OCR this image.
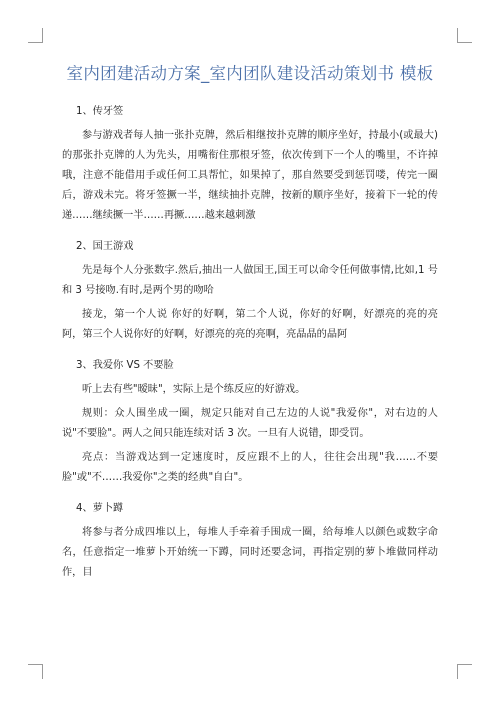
室内团建活动方案_室内团队建设活动策划书 模板
1、传牙签

参与游戏者每人抽一张扑克牌，然后相继按扑克牌的顺序坐好，持最小(或最大)的那张扑克牌的人为先头，用嘴衔住那根牙签，依次传到下一个人的嘴里，不许掉哦，注意不能借用手或任何工具帮忙，如果掉了，那自然要受到惩罚喽，传完一圈后，游戏未完。将牙签撅一半，继续抽扑克牌，按新的顺序坐好，接着下一轮的传递……继续撅一半……再撅……越来越刺激

2、国王游戏

先是每个人分张数字.然后,抽出一人做国王,国王可以命令任何做事情,比如,1 号和 3 号接吻.有时,是两个男的吻哈

接龙，第一个人说 你好的好啊，第二个人说，你好的好啊，好漂亮的亮的亮阿，第三个人说你好的好啊，好漂亮的亮的亮啊，亮晶晶的晶阿

3、我爱你 VS 不要脸

听上去有些"暧昧"，实际上是个练反应的好游戏。

规则：众人围坐成一圈，规定只能对自己左边的人说"我爱你"，对右边的人说"不要脸"。两人之间只能连续对话 3 次。一旦有人说错，即受罚。

亮点：当游戏达到一定速度时，反应跟不上的人，往往会出现"我……不要脸"或"不……我爱你"之类的经典"自白"。

4、萝卜蹲

将参与者分成四堆以上，每堆人手牵着手围成一圈，给每堆人以颜色或数字命名，任意指定一堆萝卜开始统一下蹲，同时还要念词，再指定别的萝卜堆做同样动作，目
